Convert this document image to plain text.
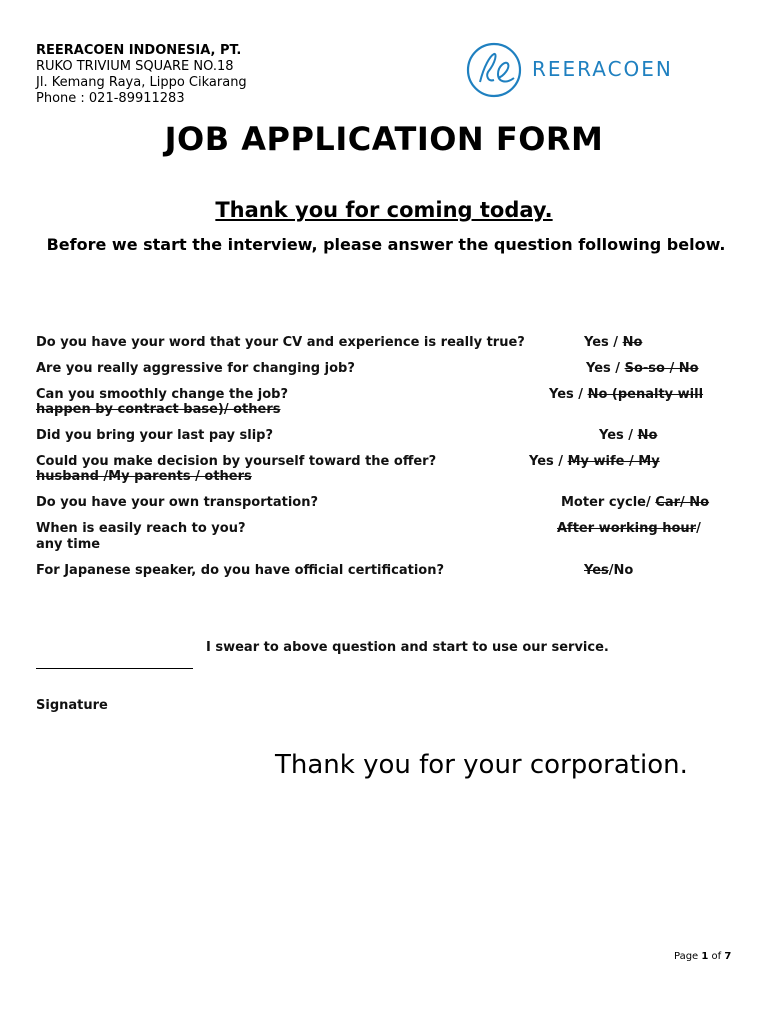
REERACOEN INDONESIA, PT.
RUKO TRIVIUM SQUARE NO.18
Jl. Kemang Raya, Lippo Cikarang
Phone : 021-89911283
REERACOEN
JOB APPLICATION FORM
Thank you for coming today.
Before we start the interview, please answer the question following below.
Do you have your word that your CV and experience is really true?	Yes / No
Are you really aggressive for changing job?	Yes / So-so / No
Can you smoothly change the job?	Yes / No (penalty will
happen by contract base)/ others
Did you bring your last pay slip?	Yes / No
Could you make decision by yourself toward the offer?	Yes / My wife / My
husband /My parents / others
Do you have your own transportation?	Moter cycle/ Car/ No
When is easily reach to you?	After working hour/
any time
For Japanese speaker, do you have official certification?	Yes/No
I swear to above question and start to use our service.
Signature
Thank you for your corporation.
Page 1 of 7
